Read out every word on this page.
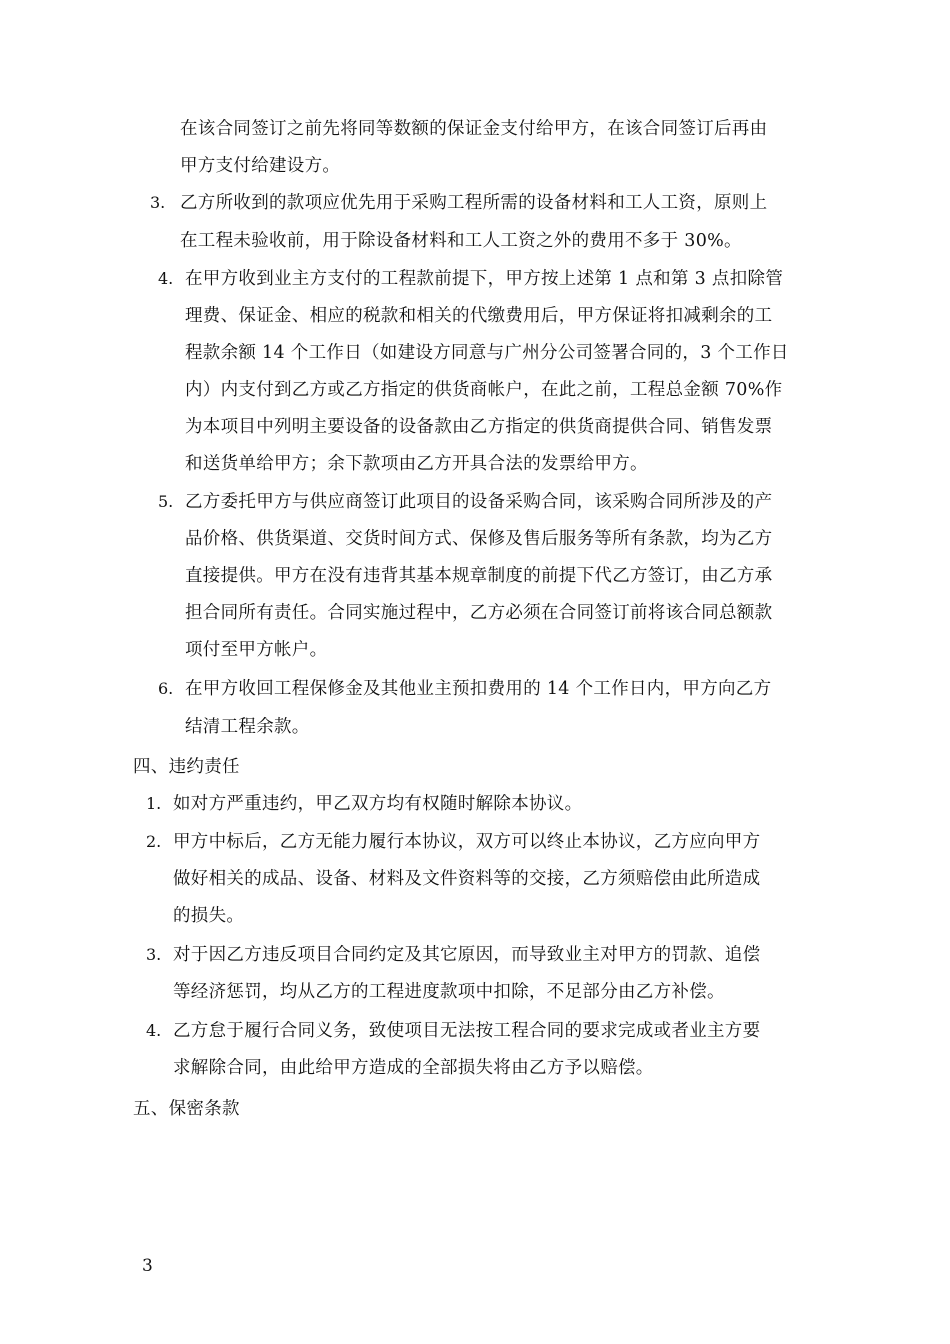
在该合同签订之前先将同等数额的保证金支付给甲方，在该合同签订后再由
甲方支付给建设方。
3. 乙方所收到的款项应优先用于采购工程所需的设备材料和工人工资，原则上
在工程未验收前，用于除设备材料和工人工资之外的费用不多于 30%。
4. 在甲方收到业主方支付的工程款前提下，甲方按上述第 1 点和第 3 点扣除管
理费、保证金、相应的税款和相关的代缴费用后，甲方保证将扣减剩余的工
程款余额 14 个工作日（如建设方同意与广州分公司签署合同的，3 个工作日
内）内支付到乙方或乙方指定的供货商帐户，在此之前，工程总金额 70%作
为本项目中列明主要设备的设备款由乙方指定的供货商提供合同、销售发票
和送货单给甲方；余下款项由乙方开具合法的发票给甲方。
5. 乙方委托甲方与供应商签订此项目的设备采购合同，该采购合同所涉及的产
品价格、供货渠道、交货时间方式、保修及售后服务等所有条款，均为乙方
直接提供。甲方在没有违背其基本规章制度的前提下代乙方签订，由乙方承
担合同所有责任。合同实施过程中，乙方必须在合同签订前将该合同总额款
项付至甲方帐户。
6. 在甲方收回工程保修金及其他业主预扣费用的 14 个工作日内，甲方向乙方
结清工程余款。
四、违约责任
1. 如对方严重违约，甲乙双方均有权随时解除本协议。
2. 甲方中标后，乙方无能力履行本协议，双方可以终止本协议，乙方应向甲方
做好相关的成品、设备、材料及文件资料等的交接，乙方须赔偿由此所造成
的损失。
3. 对于因乙方违反项目合同约定及其它原因，而导致业主对甲方的罚款、追偿
等经济惩罚，均从乙方的工程进度款项中扣除，不足部分由乙方补偿。
4. 乙方怠于履行合同义务，致使项目无法按工程合同的要求完成或者业主方要
求解除合同，由此给甲方造成的全部损失将由乙方予以赔偿。
五、保密条款
3
